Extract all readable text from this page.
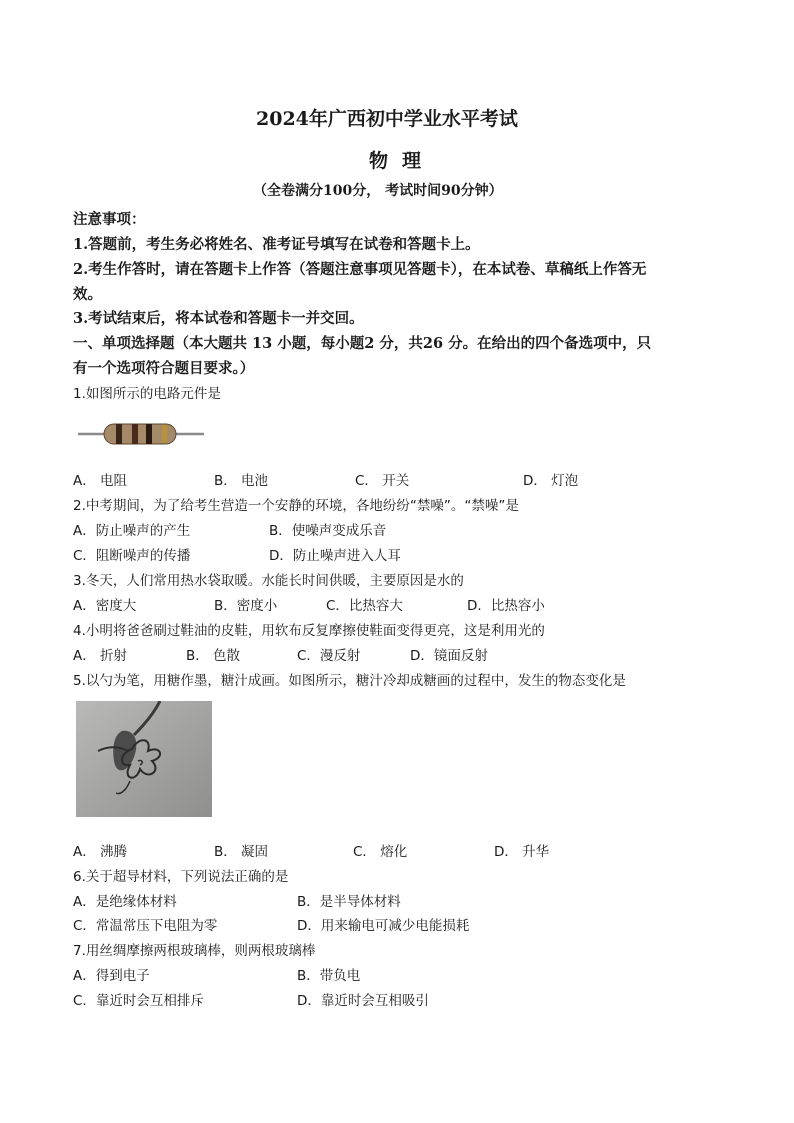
2024年广西初中学业水平考试
物理
（全卷满分100分， 考试时间90分钟）
注意事项：
1.答题前，考生务必将姓名、准考证号填写在试卷和答题卡上。
2.考生作答时，请在答题卡上作答（答题注意事项见答题卡），在本试卷、草稿纸上作答无
效。
3.考试结束后，将本试卷和答题卡一并交回。
一、单项选择题（本大题共 13 小题，每小题2 分，共26 分。在给出的四个备选项中，只
有一个选项符合题目要求。）
1.如图所示的电路元件是
A． 电阻	B． 电池	C． 开关	D． 灯泡
2.中考期间，为了给考生营造一个安静的环境，各地纷纷“禁噪”。“禁噪”是
A．防止噪声的产生	B．使噪声变成乐音
C．阻断噪声的传播	D．防止噪声进入人耳
3.冬天，人们常用热水袋取暖。水能长时间供暖，主要原因是水的
A．密度大	B．密度小	C．比热容大	D．比热容小
4.小明将爸爸刷过鞋油的皮鞋，用软布反复摩擦使鞋面变得更亮，这是利用光的
A． 折射	B． 色散	C．漫反射	D．镜面反射
5.以勺为笔，用糖作墨，糖汁成画。如图所示，糖汁冷却成糖画的过程中，发生的物态变化是
A． 沸腾	B． 凝固	C． 熔化	D． 升华
6.关于超导材料，下列说法正确的是
A．是绝缘体材料	B．是半导体材料
C．常温常压下电阻为零	D．用来输电可减少电能损耗
7.用丝绸摩擦两根玻璃棒，则两根玻璃棒
A．得到电子	B．带负电
C．靠近时会互相排斥	D．靠近时会互相吸引
